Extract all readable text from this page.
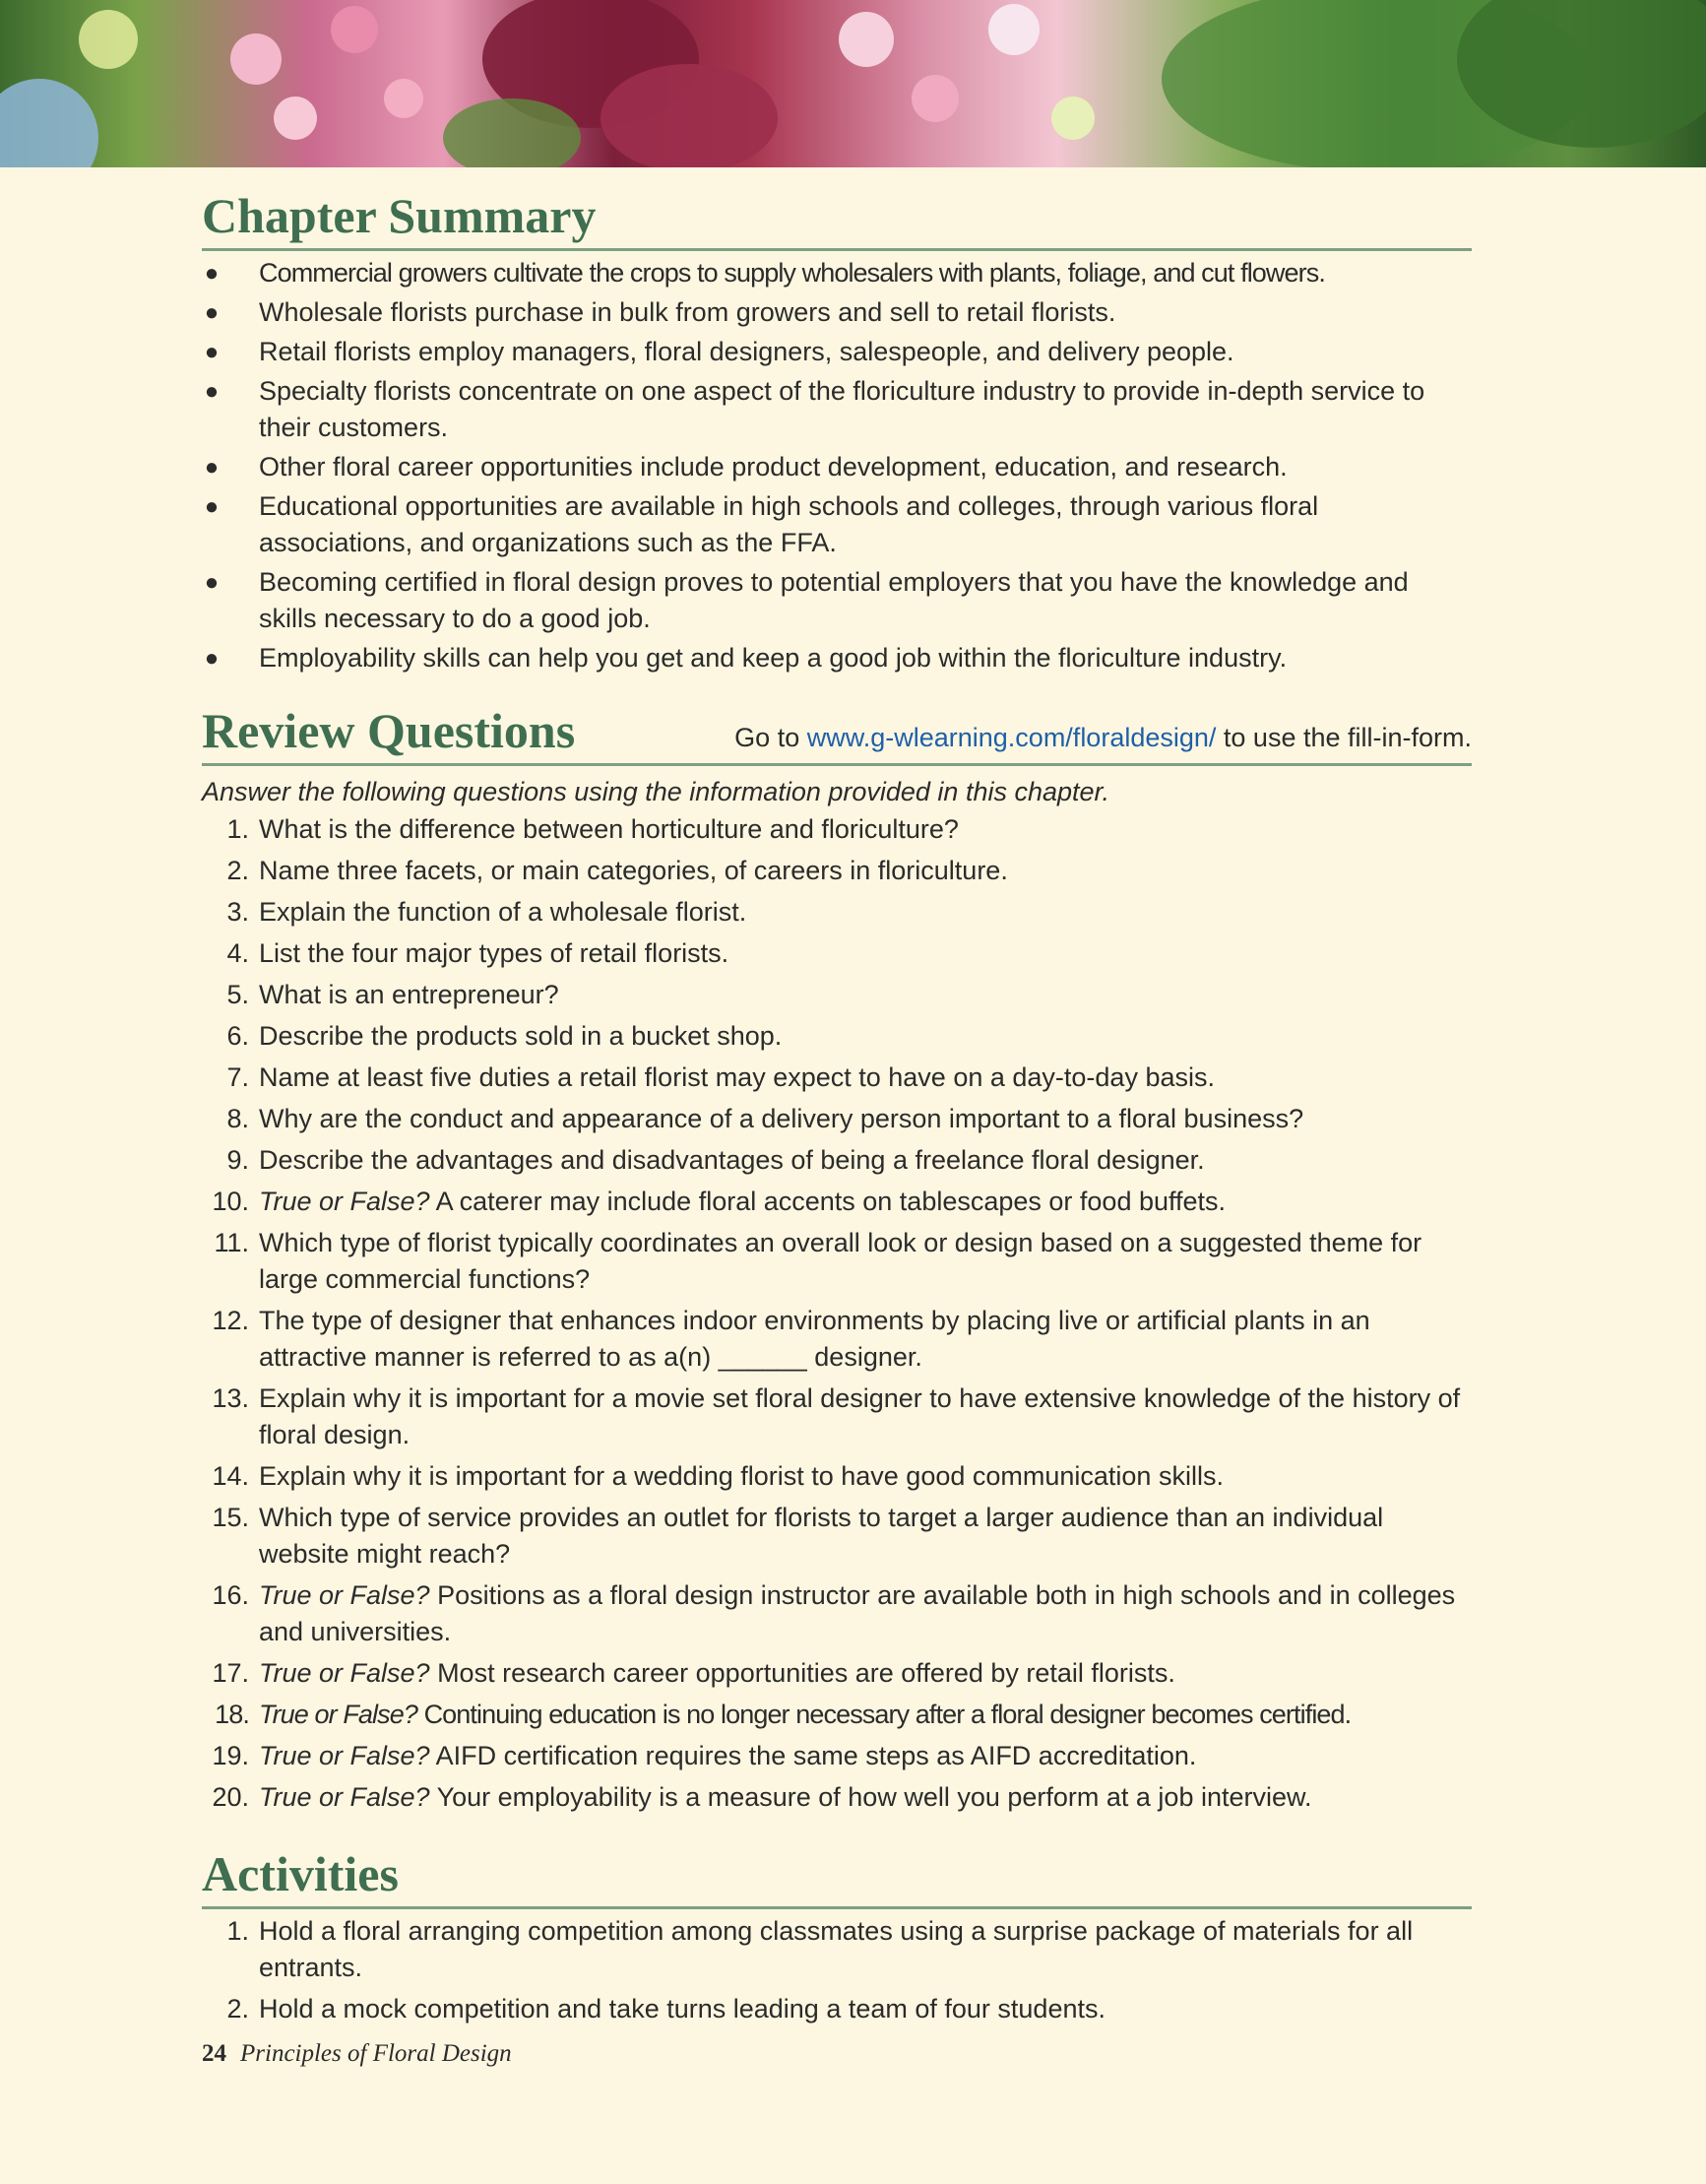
Chapter Summary
● Commercial growers cultivate the crops to supply wholesalers with plants, foliage, and cut flowers.
● Wholesale florists purchase in bulk from growers and sell to retail florists.
● Retail florists employ managers, floral designers, salespeople, and delivery people.
● Specialty florists concentrate on one aspect of the floriculture industry to provide in-depth service to their customers.
● Other floral career opportunities include product development, education, and research.
● Educational opportunities are available in high schools and colleges, through various floral associations, and organizations such as the FFA.
● Becoming certified in floral design proves to potential employers that you have the knowledge and skills necessary to do a good job.
● Employability skills can help you get and keep a good job within the floriculture industry.
Review Questions	Go to www.g-wlearning.com/floraldesign/ to use the fill-in-form.
Answer the following questions using the information provided in this chapter.
1. What is the difference between horticulture and floriculture?
2. Name three facets, or main categories, of careers in floriculture.
3. Explain the function of a wholesale florist.
4. List the four major types of retail florists.
5. What is an entrepreneur?
6. Describe the products sold in a bucket shop.
7. Name at least five duties a retail florist may expect to have on a day-to-day basis.
8. Why are the conduct and appearance of a delivery person important to a floral business?
9. Describe the advantages and disadvantages of being a freelance floral designer.
10. True or False? A caterer may include floral accents on tablescapes or food buffets.
11. Which type of florist typically coordinates an overall look or design based on a suggested theme for large commercial functions?
12. The type of designer that enhances indoor environments by placing live or artificial plants in an attractive manner is referred to as a(n) ______ designer.
13. Explain why it is important for a movie set floral designer to have extensive knowledge of the history of floral design.
14. Explain why it is important for a wedding florist to have good communication skills.
15. Which type of service provides an outlet for florists to target a larger audience than an individual website might reach?
16. True or False? Positions as a floral design instructor are available both in high schools and in colleges and universities.
17. True or False? Most research career opportunities are offered by retail florists.
18. True or False? Continuing education is no longer necessary after a floral designer becomes certified.
19. True or False? AIFD certification requires the same steps as AIFD accreditation.
20. True or False? Your employability is a measure of how well you perform at a job interview.
Activities
1. Hold a floral arranging competition among classmates using a surprise package of materials for all entrants.
2. Hold a mock competition and take turns leading a team of four students.
24 Principles of Floral Design
